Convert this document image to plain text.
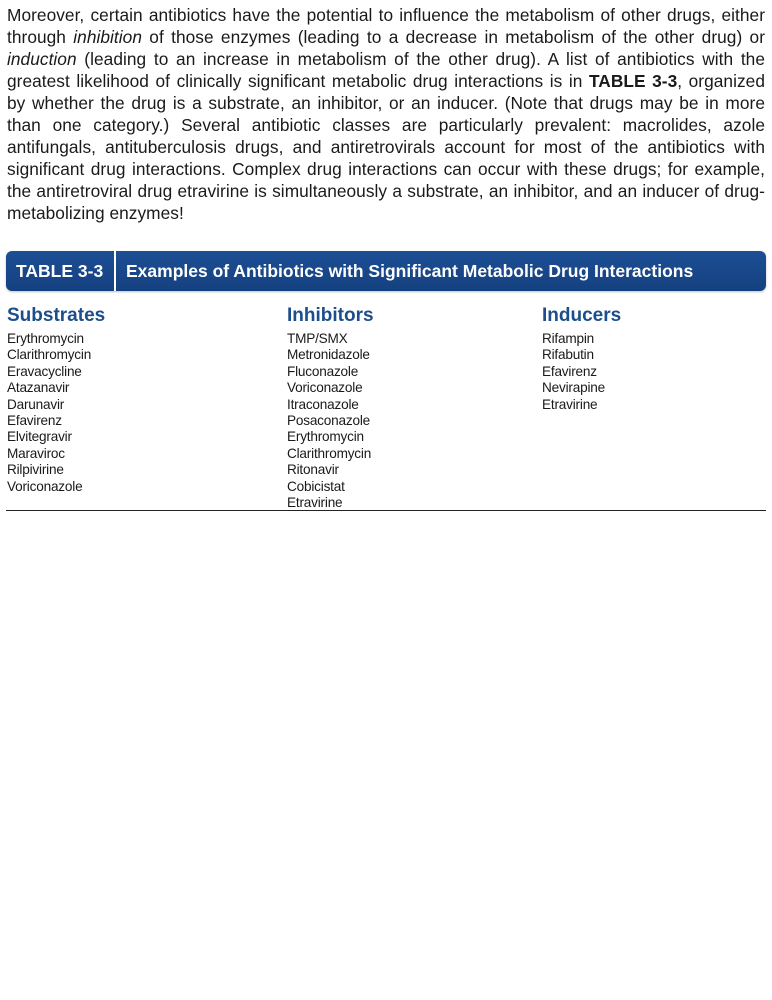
Moreover, certain antibiotics have the potential to influence the metabolism of other drugs, either through inhibition of those enzymes (leading to a decrease in metabolism of the other drug) or induction (leading to an increase in metabolism of the other drug). A list of antibiotics with the greatest likelihood of clinically significant metabolic drug interactions is in TABLE 3-3, organized by whether the drug is a substrate, an inhibitor, or an inducer. (Note that drugs may be in more than one category.) Several antibiotic classes are particularly prevalent: macrolides, azole antifungals, antituberculosis drugs, and antiretrovirals account for most of the antibiotics with significant drug interactions. Complex drug interactions can occur with these drugs; for example, the antiretroviral drug etravirine is simultaneously a substrate, an inhibitor, and an inducer of drug-metabolizing enzymes!

TABLE 3-3	Examples of Antibiotics with Significant Metabolic Drug Interactions
Substrates
Erythromycin
Clarithromycin
Eravacycline
Atazanavir
Darunavir
Efavirenz
Elvitegravir
Maraviroc
Rilpivirine
Voriconazole
Inhibitors
TMP/SMX
Metronidazole
Fluconazole
Voriconazole
Itraconazole
Posaconazole
Erythromycin
Clarithromycin
Ritonavir
Cobicistat
Etravirine
Inducers
Rifampin
Rifabutin
Efavirenz
Nevirapine
Etravirine
